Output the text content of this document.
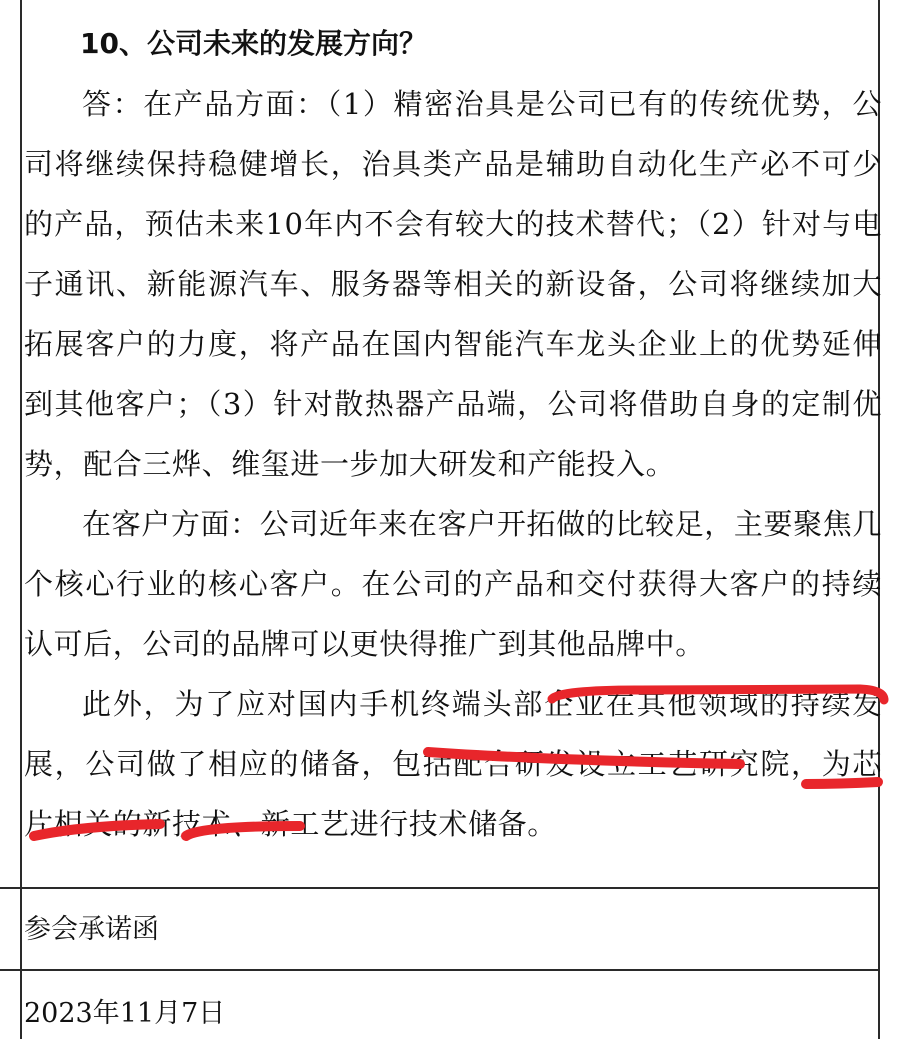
10、公司未来的发展方向？

答：在产品方面：（1）精密治具是公司已有的传统优势，公司将继续保持稳健增长，治具类产品是辅助自动化生产必不可少的产品，预估未来10年内不会有较大的技术替代；（2）针对与电子通讯、新能源汽车、服务器等相关的新设备，公司将继续加大拓展客户的力度，将产品在国内智能汽车龙头企业上的优势延伸到其他客户；（3）针对散热器产品端，公司将借助自身的定制优势，配合三烨、维玺进一步加大研发和产能投入。

在客户方面：公司近年来在客户开拓做的比较足，主要聚焦几个核心行业的核心客户。在公司的产品和交付获得大客户的持续认可后，公司的品牌可以更快得推广到其他品牌中。

此外，为了应对国内手机终端头部企业在其他领域的持续发展，公司做了相应的储备，包括配合研发设立工艺研究院，为芯片相关的新技术、新工艺进行技术储备。

参会承诺函
2023年11月7日
